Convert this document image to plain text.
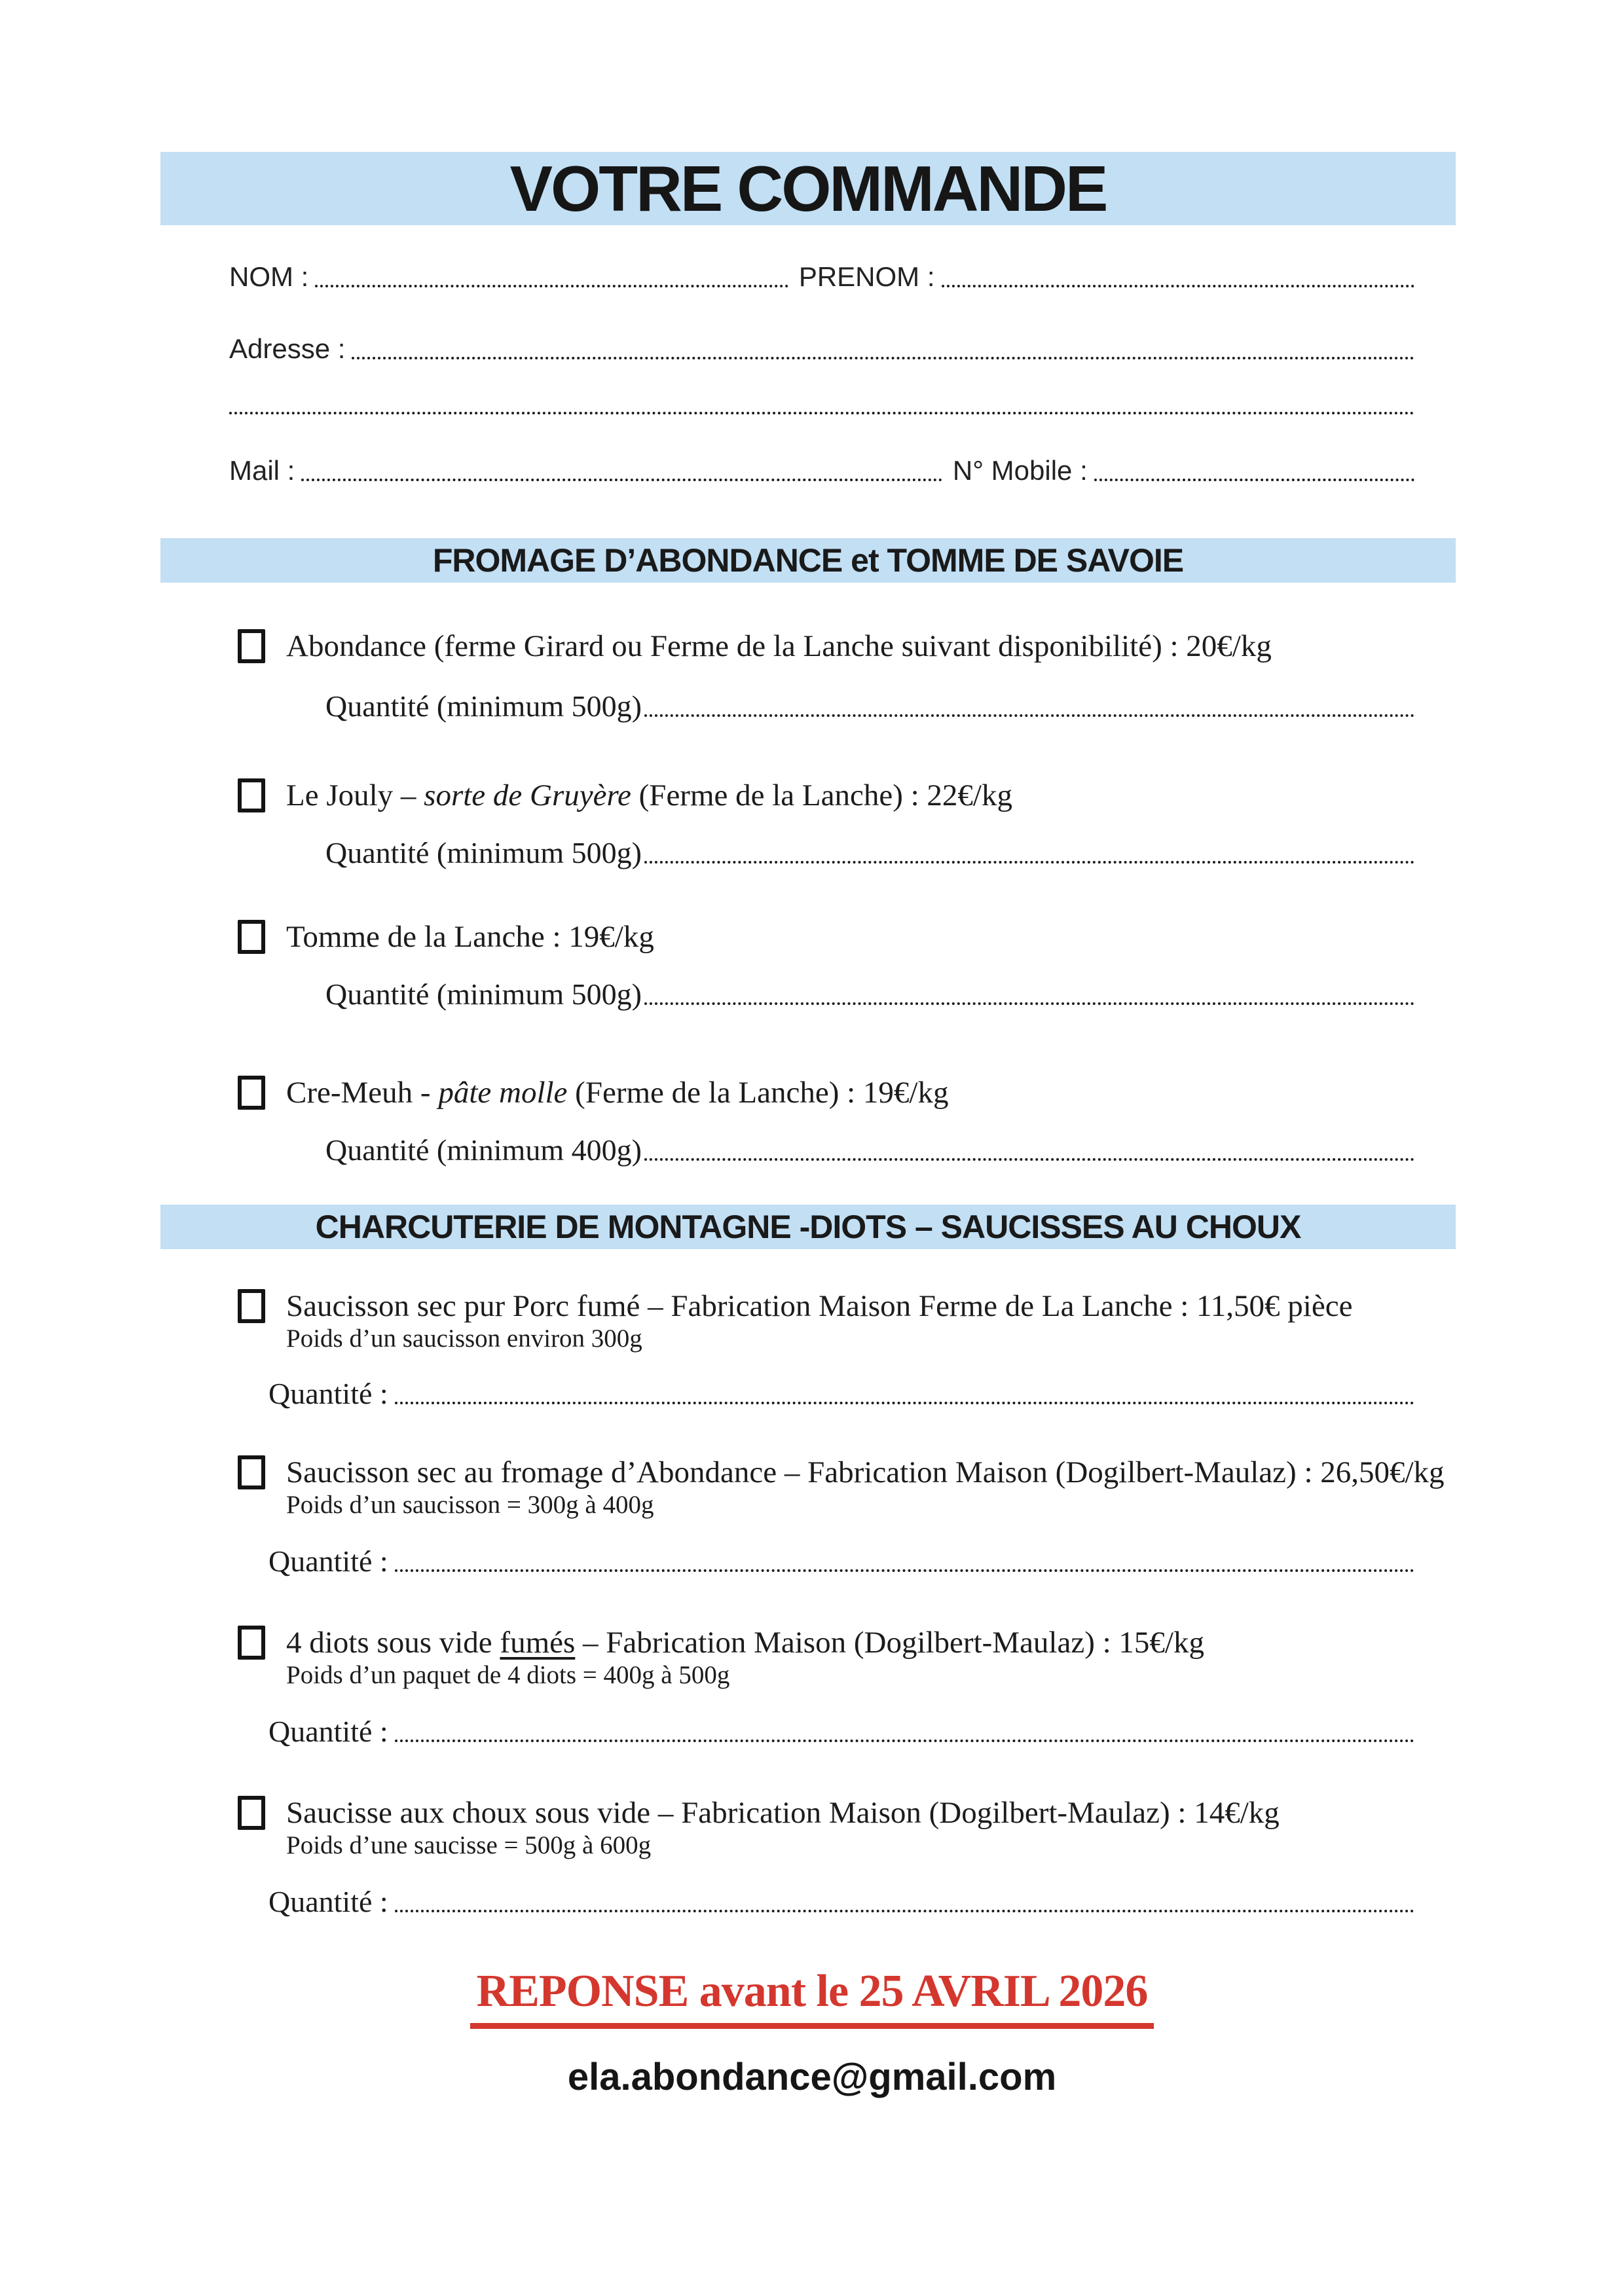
VOTRE COMMANDE
NOM :	PRENOM :
Adresse :
Mail :	N° Mobile :
FROMAGE D’ABONDANCE et TOMME DE SAVOIE
Abondance (ferme Girard ou Ferme de la Lanche suivant disponibilité) : 20€/kg
Quantité (minimum 500g)
Le Jouly – sorte de Gruyère (Ferme de la Lanche) : 22€/kg
Quantité (minimum 500g)
Tomme de la Lanche : 19€/kg
Quantité (minimum 500g)
Cre-Meuh - pâte molle (Ferme de la Lanche) : 19€/kg
Quantité (minimum 400g)
CHARCUTERIE DE MONTAGNE -DIOTS – SAUCISSES AU CHOUX
Saucisson sec pur Porc fumé – Fabrication Maison Ferme de La Lanche : 11,50€ pièce
Poids d’un saucisson environ 300g
Quantité :
Saucisson sec au fromage d’Abondance – Fabrication Maison (Dogilbert-Maulaz) : 26,50€/kg
Poids d’un saucisson = 300g à 400g
Quantité :
4 diots sous vide fumés – Fabrication Maison (Dogilbert-Maulaz) : 15€/kg
Poids d’un paquet de 4 diots = 400g à 500g
Quantité :
Saucisse aux choux sous vide – Fabrication Maison (Dogilbert-Maulaz) : 14€/kg
Poids d’une saucisse = 500g à 600g
Quantité :
REPONSE avant le 25 AVRIL 2026
ela.abondance@gmail.com
